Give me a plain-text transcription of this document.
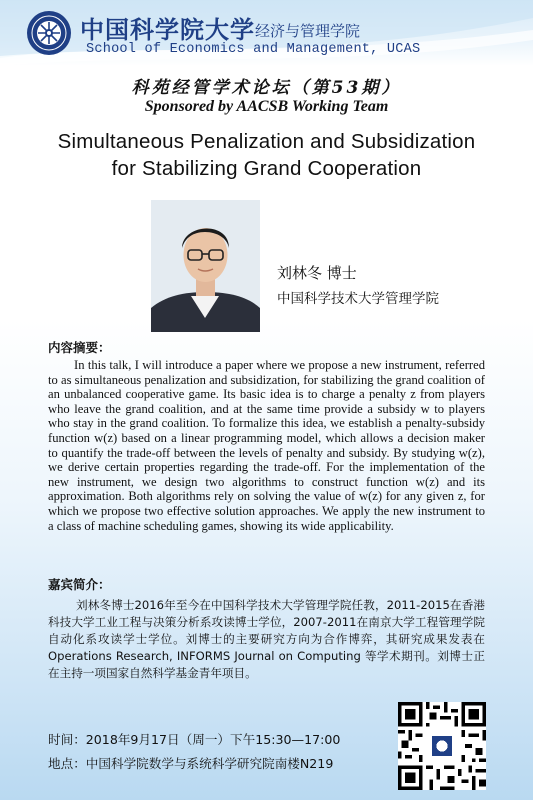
中国科学院大学 经济与管理学院
School of Economics and Management, UCAS
科苑经管学术论坛（第53期）
Sponsored by AACSB Working Team
Simultaneous Penalization and Subsidization
for Stabilizing Grand Cooperation
刘林冬 博士
中国科学技术大学管理学院
内容摘要：
In this talk, I will introduce a paper where we propose a new instrument, referred to as simultaneous penalization and subsidization, for stabilizing the grand coalition of an unbalanced cooperative game. Its basic idea is to charge a penalty z from players who leave the grand coalition, and at the same time provide a subsidy w to players who stay in the grand coalition. To formalize this idea, we establish a penalty-subsidy function w(z) based on a linear programming model, which allows a decision maker to quantify the trade-off between the levels of penalty and subsidy. By studying w(z), we derive certain properties regarding the trade-off. For the implementation of the new instrument, we design two algorithms to construct function w(z) and its approximation. Both algorithms rely on solving the value of w(z) for any given z, for which we propose two effective solution approaches. We apply the new instrument to a class of machine scheduling games, showing its wide applicability.
嘉宾简介：
刘林冬博士2016年至今在中国科学技术大学管理学院任教，2011-2015在香港科技大学工业工程与决策分析系攻读博士学位，2007-2011在南京大学工程管理学院自动化系攻读学士学位。刘博士的主要研究方向为合作博弈，其研究成果发表在 Operations Research, INFORMS Journal on Computing 等学术期刊。刘博士正在主持一项国家自然科学基金青年项目。
时间：2018年9月17日（周一）下午15:30—17:00
地点：中国科学院数学与系统科学研究院南楼N219
